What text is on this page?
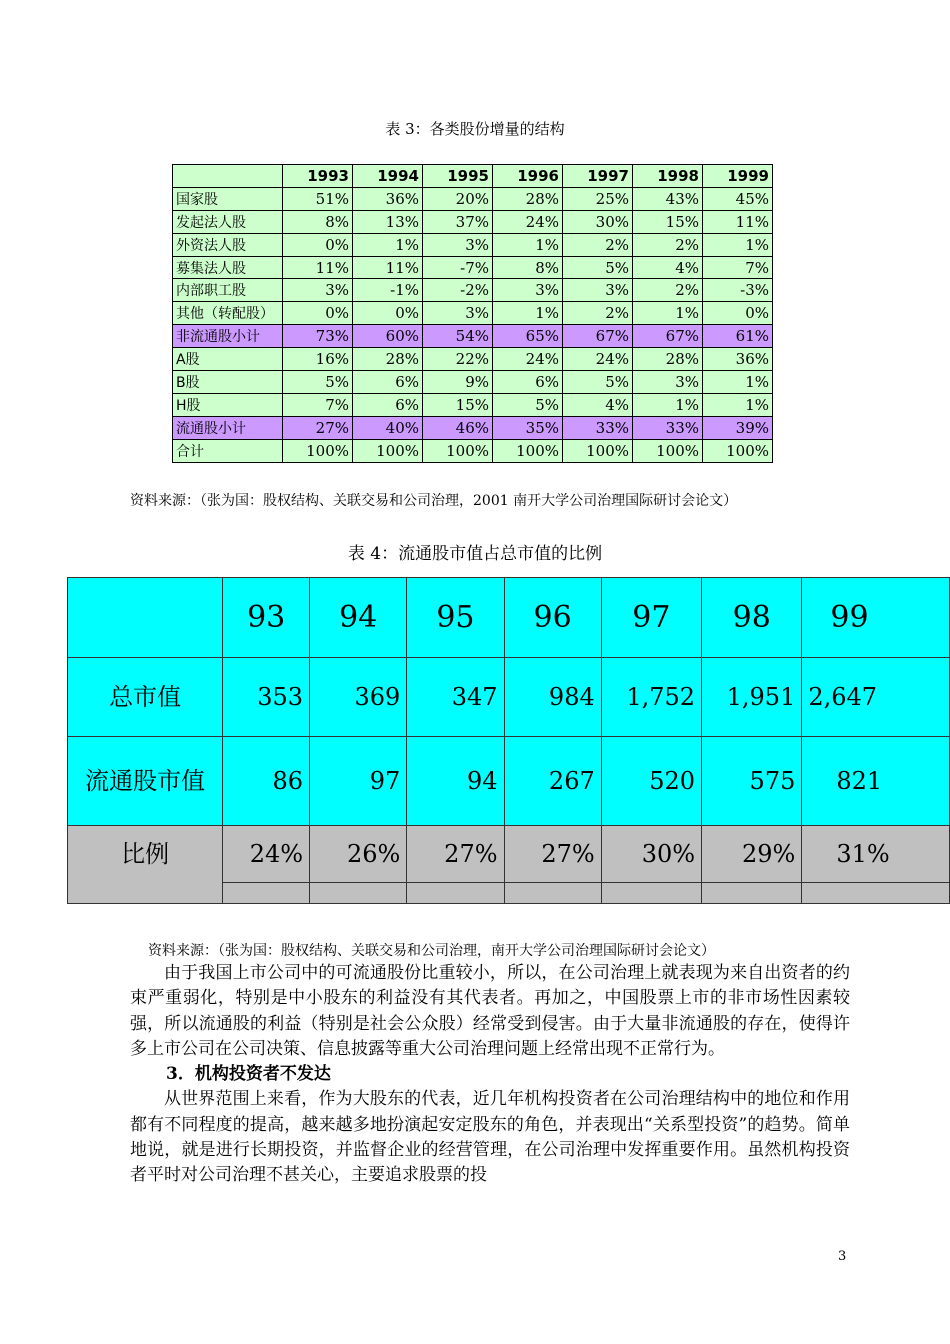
表 3：各类股份增量的结构
	1993	1994	1995	1996	1997	1998	1999
国家股	51%	36%	20%	28%	25%	43%	45%
发起法人股	8%	13%	37%	24%	30%	15%	11%
外资法人股	0%	1%	3%	1%	2%	2%	1%
募集法人股	11%	11%	-7%	8%	5%	4%	7%
内部职工股	3%	-1%	-2%	3%	3%	2%	-3%
其他（转配股）	0%	0%	3%	1%	2%	1%	0%
非流通股小计	73%	60%	54%	65%	67%	67%	61%
A股	16%	28%	22%	24%	24%	28%	36%
B股	5%	6%	9%	6%	5%	3%	1%
H股	7%	6%	15%	5%	4%	1%	1%
流通股小计	27%	40%	46%	35%	33%	33%	39%
合计	100%	100%	100%	100%	100%	100%	100%
资料来源：（张为国：股权结构、关联交易和公司治理，2001 南开大学公司治理国际研讨会论文）
表 4：流通股市值占总市值的比例
	93	94	95	96	97	98	99
总市值	353	369	347	984	1,752	1,951	2,647
流通股市值	86	97	94	267	520	575	821
比例	24%	26%	27%	27%	30%	29%	31%

资料来源：（张为国：股权结构、关联交易和公司治理，南开大学公司治理国际研讨会论文）

由于我国上市公司中的可流通股份比重较小，所以，在公司治理上就表现为来自出资者的约束严重弱化，特别是中小股东的利益没有其代表者。再加之，中国股票上市的非市场性因素较强，所以流通股的利益（特别是社会公众股）经常受到侵害。由于大量非流通股的存在，使得许多上市公司在公司决策、信息披露等重大公司治理问题上经常出现不正常行为。

3．机构投资者不发达

从世界范围上来看，作为大股东的代表，近几年机构投资者在公司治理结构中的地位和作用都有不同程度的提高，越来越多地扮演起安定股东的角色，并表现出“关系型投资”的趋势。简单地说，就是进行长期投资，并监督企业的经营管理，在公司治理中发挥重要作用。虽然机构投资者平时对公司治理不甚关心，主要追求股票的投

3
